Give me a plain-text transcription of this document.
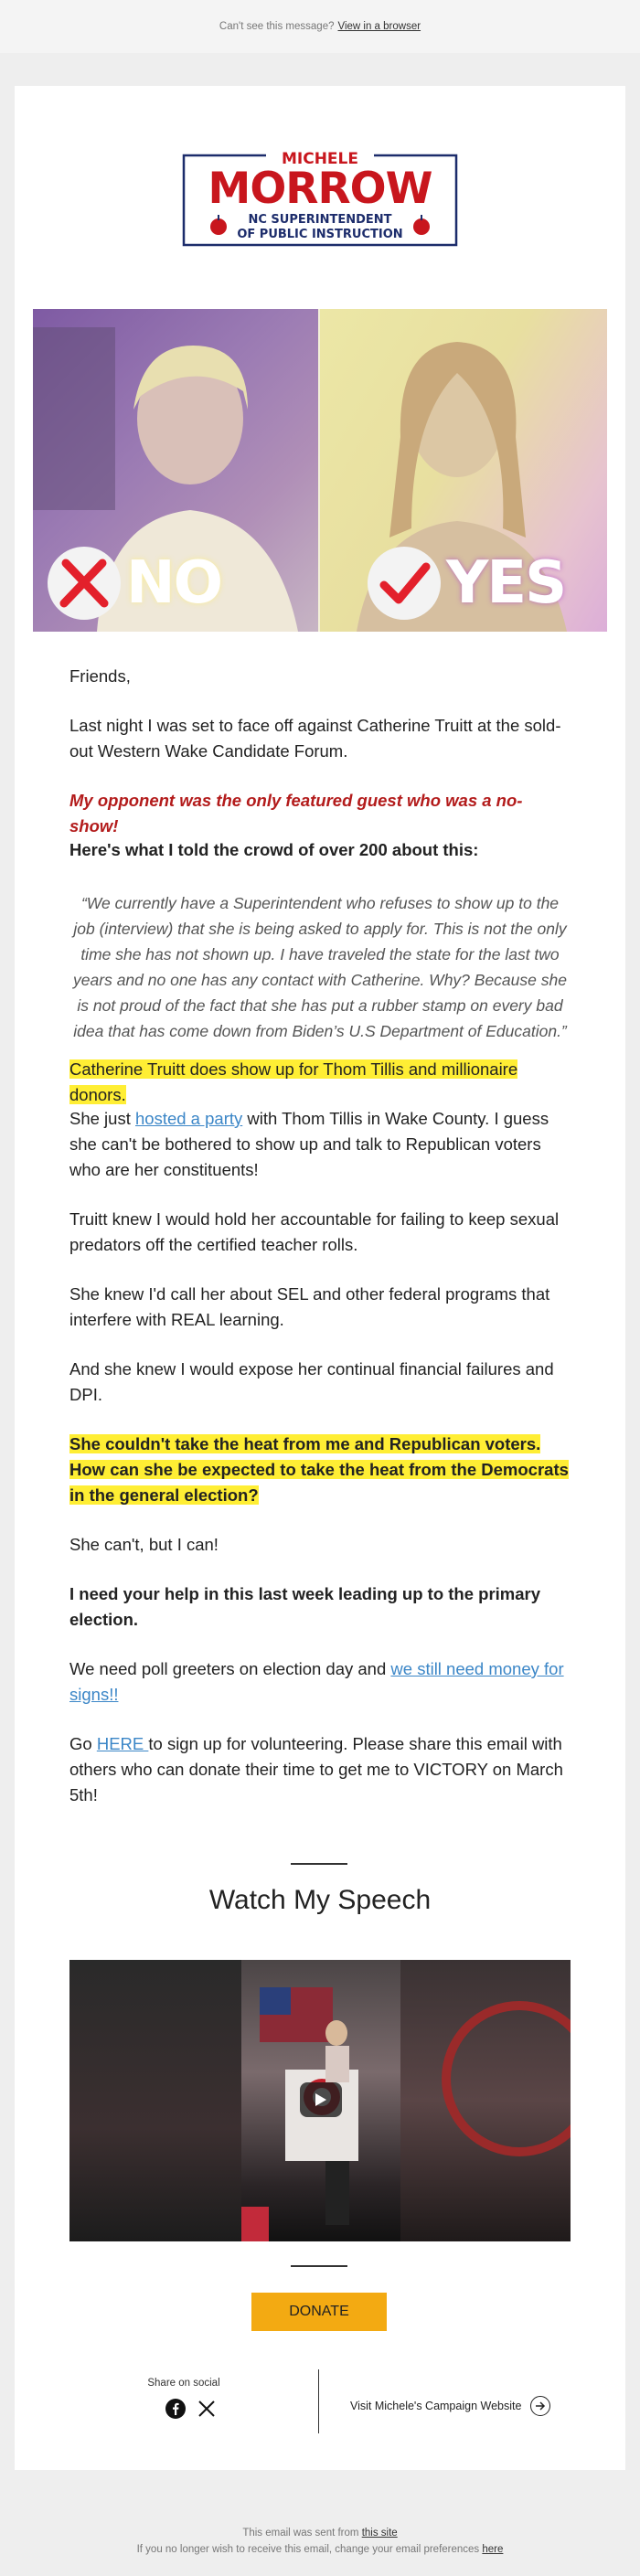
Can't see this message? View in a browser
MICHELE
MORROW
NC SUPERINTENDENT
OF PUBLIC INSTRUCTION
NO	YES

Friends,

Last night I was set to face off against Catherine Truitt at the sold-out Western Wake Candidate Forum.

My opponent was the only featured guest who was a no-show!

Here's what I told the crowd of over 200 about this:

“We currently have a Superintendent who refuses to show up to the job (interview) that she is being asked to apply for. This is not the only time she has not shown up. I have traveled the state for the last two years and no one has any contact with Catherine. Why? Because she is not proud of the fact that she has put a rubber stamp on every bad idea that has come down from Biden’s U.S Department of Education.”

Catherine Truitt does show up for Thom Tillis and millionaire donors.

She just hosted a party with Thom Tillis in Wake County. I guess she can't be bothered to show up and talk to Republican voters who are her constituents!

Truitt knew I would hold her accountable for failing to keep sexual predators off the certified teacher rolls.

She knew I'd call her about SEL and other federal programs that interfere with REAL learning.

And she knew I would expose her continual financial failures and DPI.

She couldn't take the heat from me and Republican voters. How can she be expected to take the heat from the Democrats in the general election?

She can't, but I can!

I need your help in this last week leading up to the primary election.

We need poll greeters on election day and we still need money for signs!!

Go HERE to sign up for volunteering. Please share this email with others who can donate their time to get me to VICTORY on March 5th!

Watch My Speech
DONATE
Share on social
Visit Michele's Campaign Website
This email was sent from this site
If you no longer wish to receive this email, change your email preferences here
